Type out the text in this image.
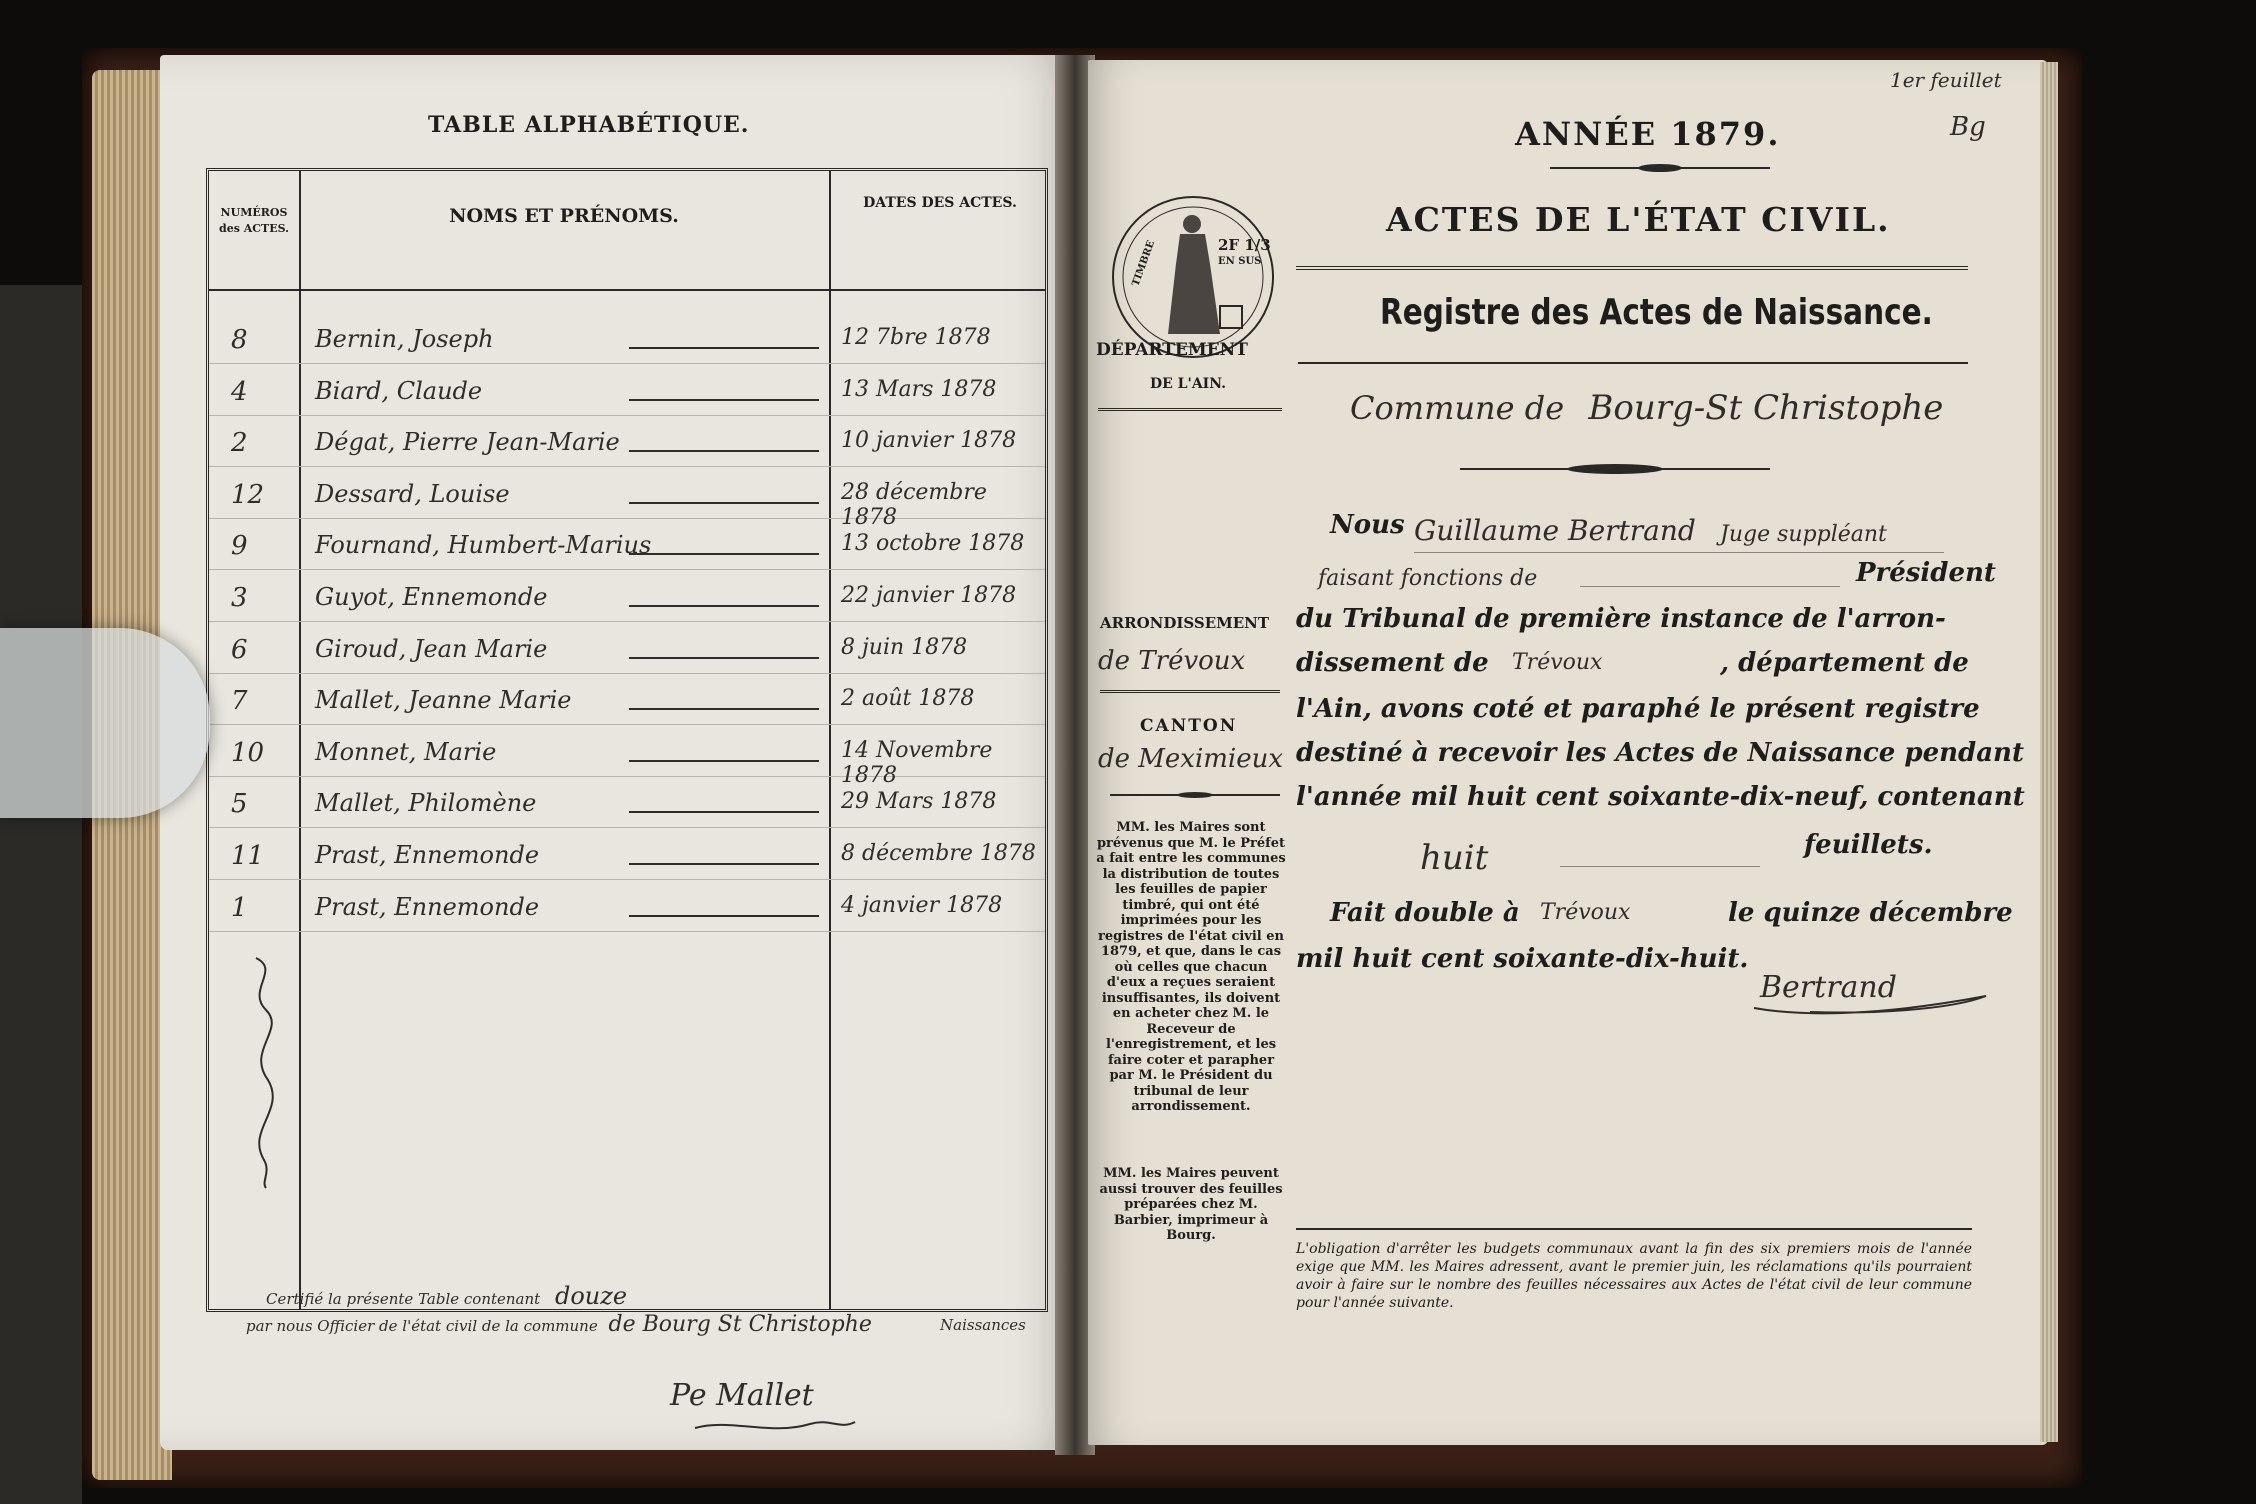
TABLE ALPHABÉTIQUE.
NUMÉROS des ACTES.
NOMS ET PRÉNOMS.
DATES DES ACTES.
8	Bernin, Joseph	12 7bre 1878
4	Biard, Claude	13 Mars 1878
2	Dégat, Pierre Jean-Marie	10 janvier 1878
12 Dessard, Louise	28 décembre 1878
9	Fournand, Humbert-Marius	13 octobre 1878
3	Guyot, Ennemonde	22 janvier 1878
6	Giroud, Jean Marie	8 juin 1878
7	Mallet, Jeanne Marie	2 août 1878
10 Monnet, Marie	14 Novembre 1878
5	Mallet, Philomène	29 Mars 1878
11 Prast, Ennemonde	8 décembre 1878
1	Prast, Ennemonde	4 janvier 1878
Certifié la présente Table contenant douze
par nous Officier de l'état civil de la commune de Bourg St Christophe	Naissances
Pe Mallet
1er feuillet
Bg
ANNÉE 1879.
ACTES DE L'ÉTAT CIVIL.
TIMBRE	2F 1/3
EN SUS
DÉPARTEMENT
DE L'AIN.
Registre des Actes de Naissance.
Commune de Bourg-St Christophe
ARRONDISSEMENT
de Trévoux
CANTON
de Meximieux
MM. les Maires sont prévenus que M. le Préfet a fait entre les communes la distribution de toutes les feuilles de papier timbré, qui ont été imprimées pour les registres de l'état civil en 1879, et que, dans le cas où celles que chacun d'eux a reçues seraient insuffisantes, ils doivent en acheter chez M. le Receveur de l'enregistrement, et les faire coter et parapher par M. le Président du tribunal de leur arrondissement.
MM. les Maires peuvent aussi trouver des feuilles préparées chez M. Barbier, imprimeur à Bourg.
Nous Guillaume Bertrand Juge suppléant
faisant fonctions de	Président
du Tribunal de première instance de l'arron-
dissement de Trévoux	, département de
l'Ain, avons coté et paraphé le présent registre
destiné à recevoir les Actes de Naissance pendant
l'année mil huit cent soixante-dix-neuf, contenant
huit	feuillets.
Fait double à Trévoux	le quinze décembre
mil huit cent soixante-dix-huit.
Bertrand
L'obligation d'arrêter les budgets communaux avant la fin des six premiers mois de l'année exige que MM. les Maires adressent, avant le premier juin, les réclamations qu'ils pourraient avoir à faire sur le nombre des feuilles nécessaires aux Actes de l'état civil de leur commune pour l'année suivante.
